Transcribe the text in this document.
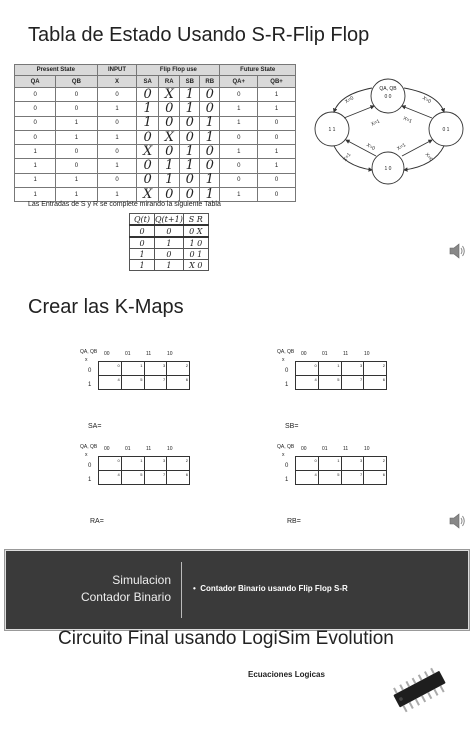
Tabla de Estado Usando S-R-Flip Flop
Present State		INPUT	Flip Flop use				Future State	
QA	QB	X	SA	RA	SB	RB	QA+	QB+
0	0	0	0	X	1	0	0	1
0	0	1	1	0	1	0	1	1
0	1	0	1	0	0	1	1	0
0	1	1	0	X	0	1	0	0
1	0	0	X	0	1	0	1	1
1	0	1	0	1	1	0	0	1
1	1	0	0	1	0	1	0	0
1	1	1	X	0	0	1	1	0
Las Entradas de S y R se complete mirando la siguiente Tabla
Q(t)	Q(t+1)	S R
0	0	0 X
0	1	1 0
1	0	0 1
1	1	X 0
QA, QB
0 0
1 1	0 1
1 0
X=0	X=0
X=1	X=1
X=1
X=1
X=0
X=0
Crear las K-Maps
QA, QB
x
00	01	11	10
0
1
0	1	3	2
4	5	7	6
SA=
QA, QB
x
00	01	11	10
0
1
0	1	3	2
4	5	7	6
SB=
QA, QB
x
00	01	11	10
0
1
0	1	3	2
4	5	7	6
RA=
QA, QB
x
00	01	11	10
0
1
0	1	3	2
4	5	7	6
RB=
Simulacion
Contador Binario
•  Contador Binario usando Flip Flop S-R
Circuito Final usando LogiSim Evolution
Ecuaciones Logicas
